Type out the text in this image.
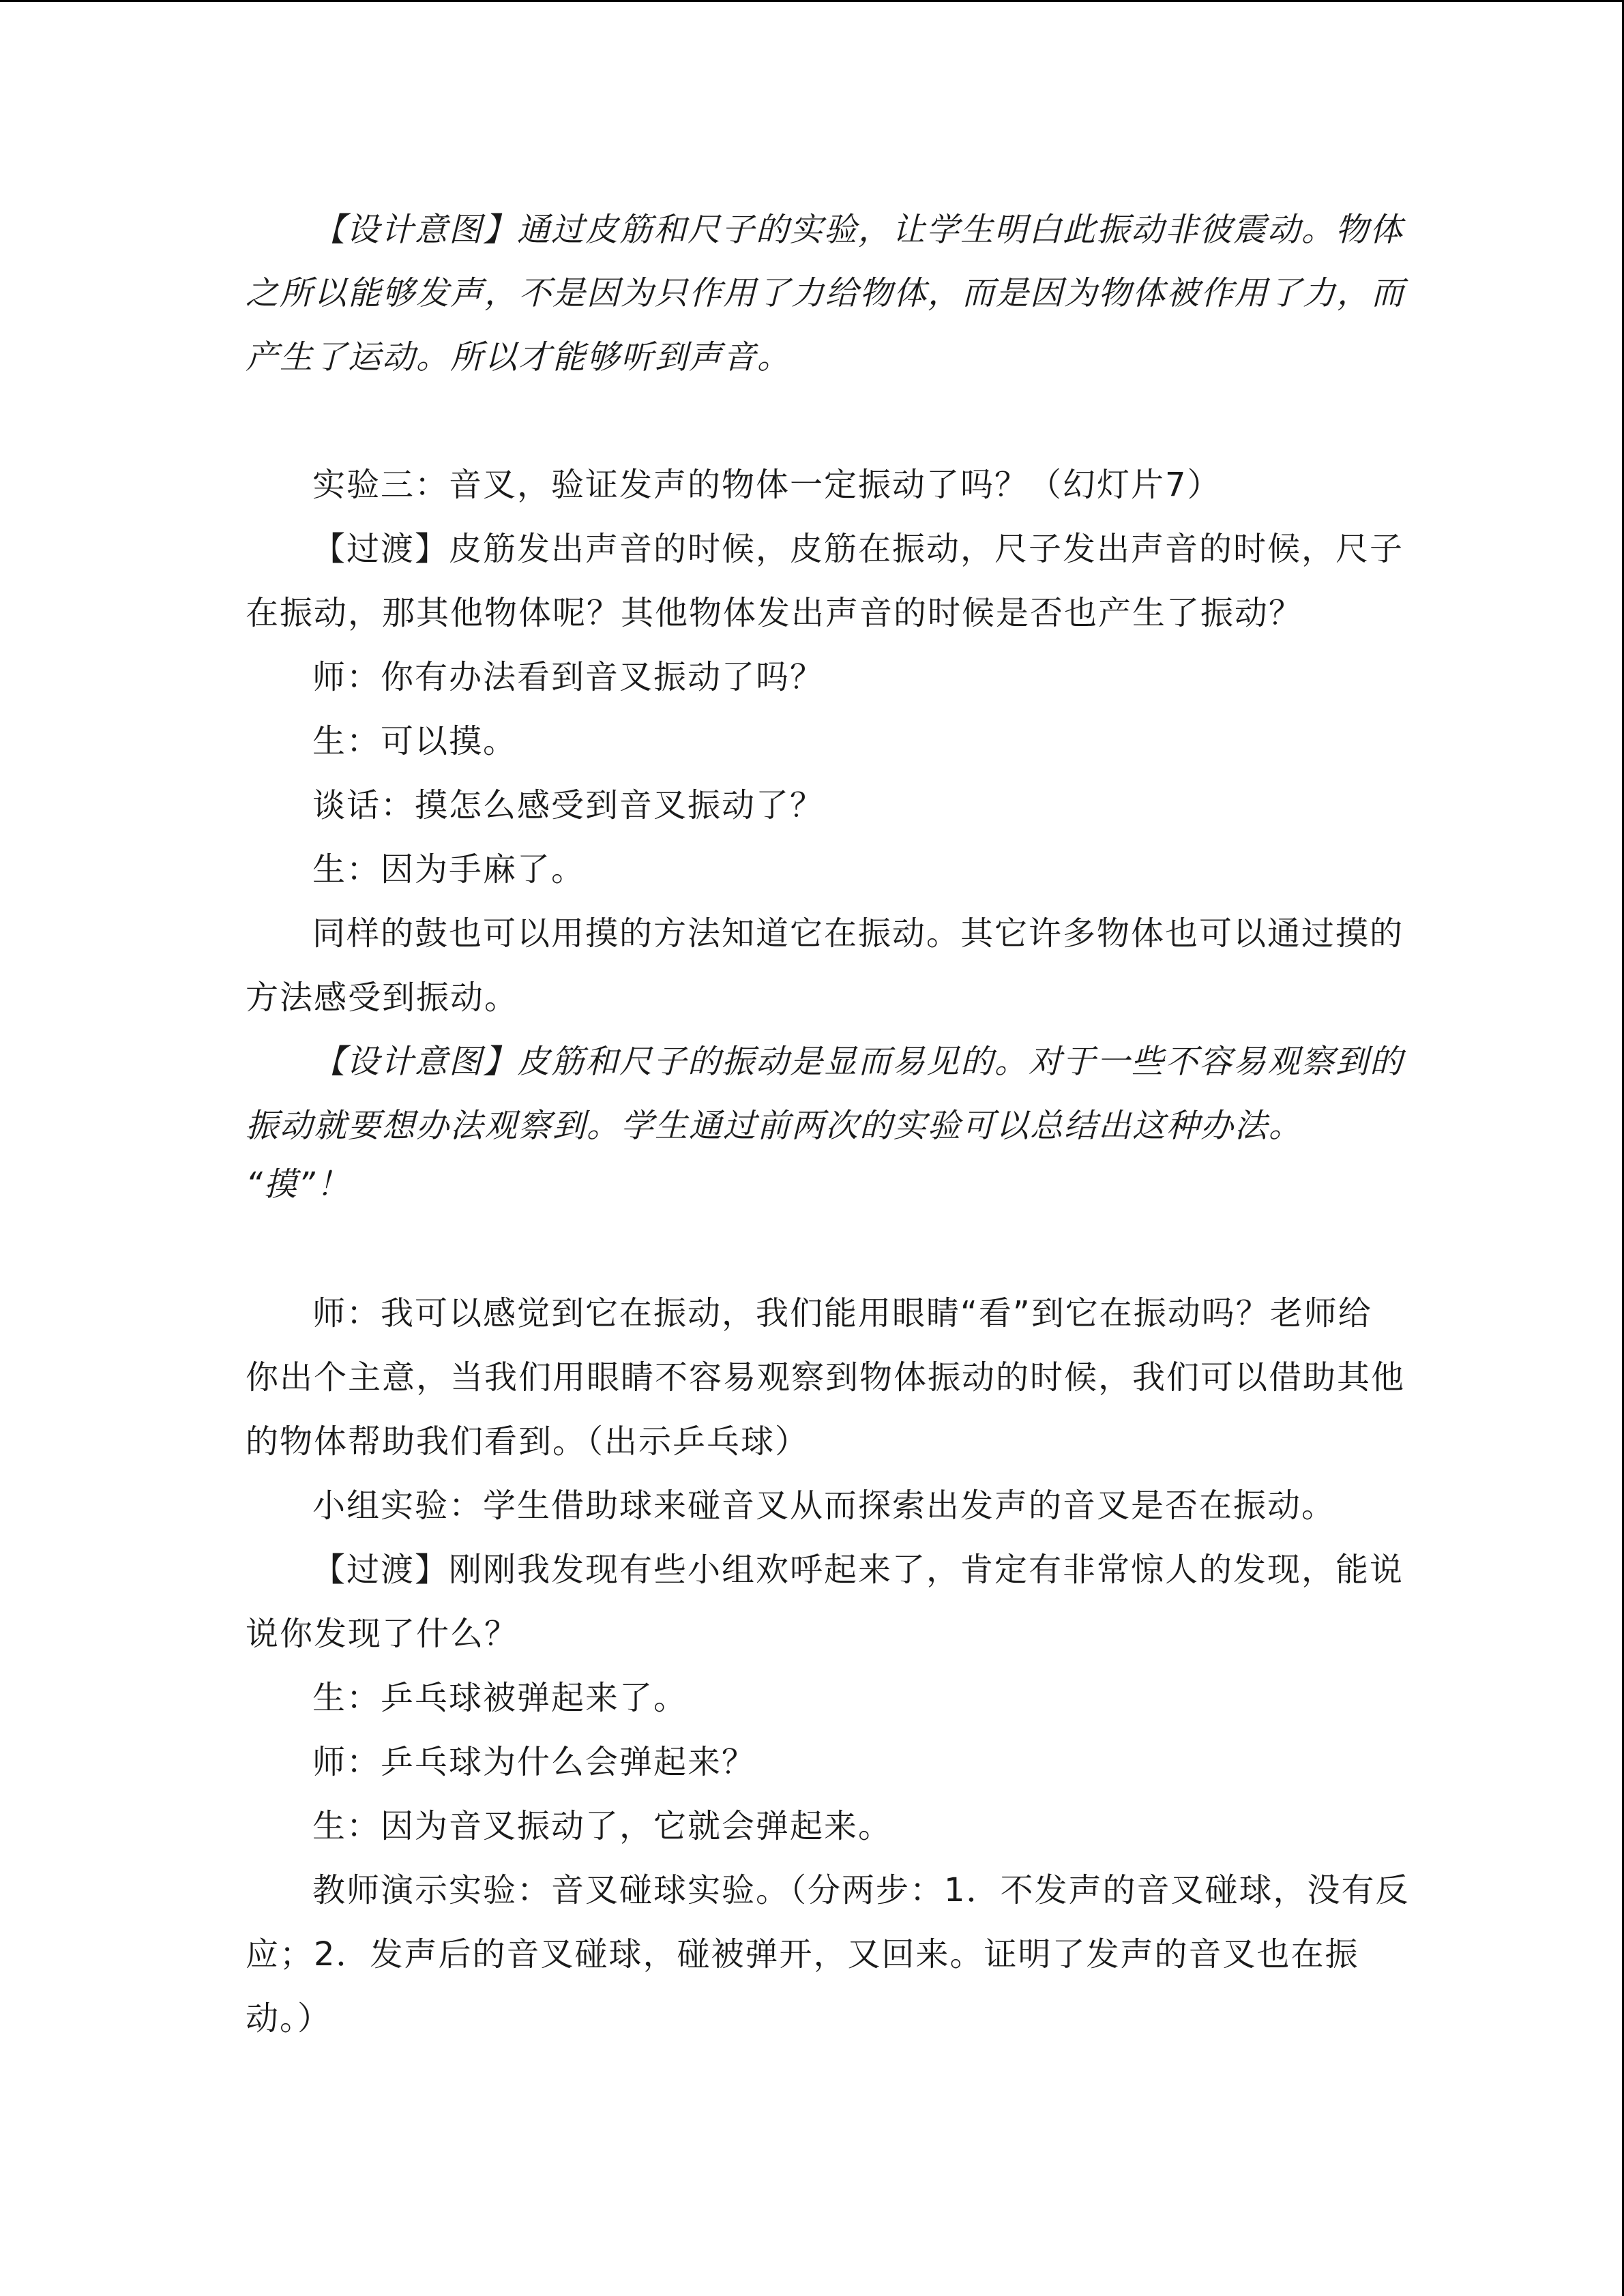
【设计意图】通过皮筋和尺子的实验，让学生明白此振动非彼震动。物体
之所以能够发声，不是因为只作用了力给物体，而是因为物体被作用了力，而
产生了运动。所以才能够听到声音。
实验三：音叉，验证发声的物体一定振动了吗？（幻灯片7）
【过渡】皮筋发出声音的时候，皮筋在振动，尺子发出声音的时候，尺子
在振动，那其他物体呢？其他物体发出声音的时候是否也产生了振动？
师：你有办法看到音叉振动了吗？
生：可以摸。
谈话：摸怎么感受到音叉振动了？
生：因为手麻了。
同样的鼓也可以用摸的方法知道它在振动。其它许多物体也可以通过摸的
方法感受到振动。
【设计意图】皮筋和尺子的振动是显而易见的。对于一些不容易观察到的
振动就要想办法观察到。学生通过前两次的实验可以总结出这种办法。
“摸”！
师：我可以感觉到它在振动，我们能用眼睛“看”到它在振动吗？老师给
你出个主意，当我们用眼睛不容易观察到物体振动的时候，我们可以借助其他
的物体帮助我们看到。（出示乒乓球）
小组实验：学生借助球来碰音叉从而探索出发声的音叉是否在振动。
【过渡】刚刚我发现有些小组欢呼起来了，肯定有非常惊人的发现，能说
说你发现了什么？
生：乒乓球被弹起来了。
师：乒乓球为什么会弹起来？
生：因为音叉振动了，它就会弹起来。
教师演示实验：音叉碰球实验。（分两步：1．不发声的音叉碰球，没有反
应；2．发声后的音叉碰球，碰被弹开，又回来。证明了发声的音叉也在振
动。）
